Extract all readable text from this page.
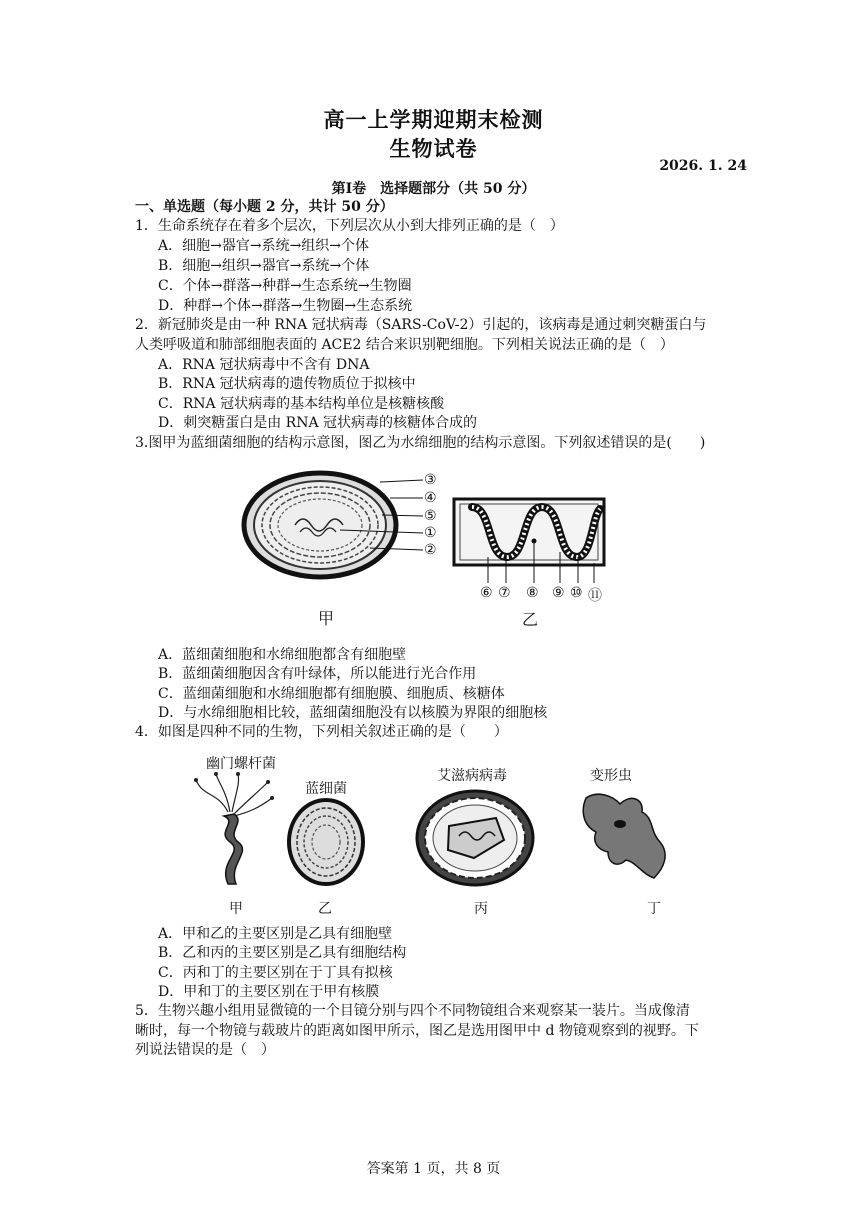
高一上学期迎期末检测
生物试卷
2026. 1. 24
第Ⅰ卷　选择题部分（共 50 分）
一、单选题（每小题 2 分，共计 50 分）
1．生命系统存在着多个层次，下列层次从小到大排列正确的是（　）
A．细胞→器官→系统→组织→个体
B．细胞→组织→器官→系统→个体
C．个体→群落→种群→生态系统→生物圈
D．种群→个体→群落→生物圈→生态系统
2．新冠肺炎是由一种 RNA 冠状病毒（SARS-CoV-2）引起的，该病毒是通过刺突糖蛋白与
人类呼吸道和肺部细胞表面的 ACE2 结合来识别靶细胞。下列相关说法正确的是（　）
A．RNA 冠状病毒中不含有 DNA
B．RNA 冠状病毒的遗传物质位于拟核中
C．RNA 冠状病毒的基本结构单位是核糖核酸
D．刺突糖蛋白是由 RNA 冠状病毒的核糖体合成的
3.图甲为蓝细菌细胞的结构示意图，图乙为水绵细胞的结构示意图。下列叙述错误的是(　　)
③
④
⑤
①
②
甲
⑥ ⑦ ⑧ ⑨ ⑩ ⑪
乙
A．蓝细菌细胞和水绵细胞都含有细胞壁
B．蓝细菌细胞因含有叶绿体，所以能进行光合作用
C．蓝细菌细胞和水绵细胞都有细胞膜、细胞质、核糖体
D．与水绵细胞相比较，蓝细菌细胞没有以核膜为界限的细胞核
4．如图是四种不同的生物，下列相关叙述正确的是（　　）
幽门螺杆菌
蓝细菌
艾滋病病毒	变形虫
甲	乙	丙	丁
A．甲和乙的主要区别是乙具有细胞壁
B．乙和丙的主要区别是乙具有细胞结构
C．丙和丁的主要区别在于丁具有拟核
D．甲和丁的主要区别在于甲有核膜
5．生物兴趣小组用显微镜的一个目镜分别与四个不同物镜组合来观察某一装片。当成像清
晰时，每一个物镜与载玻片的距离如图甲所示，图乙是选用图甲中 d 物镜观察到的视野。下
列说法错误的是（　）
答案第 1 页，共 8 页
